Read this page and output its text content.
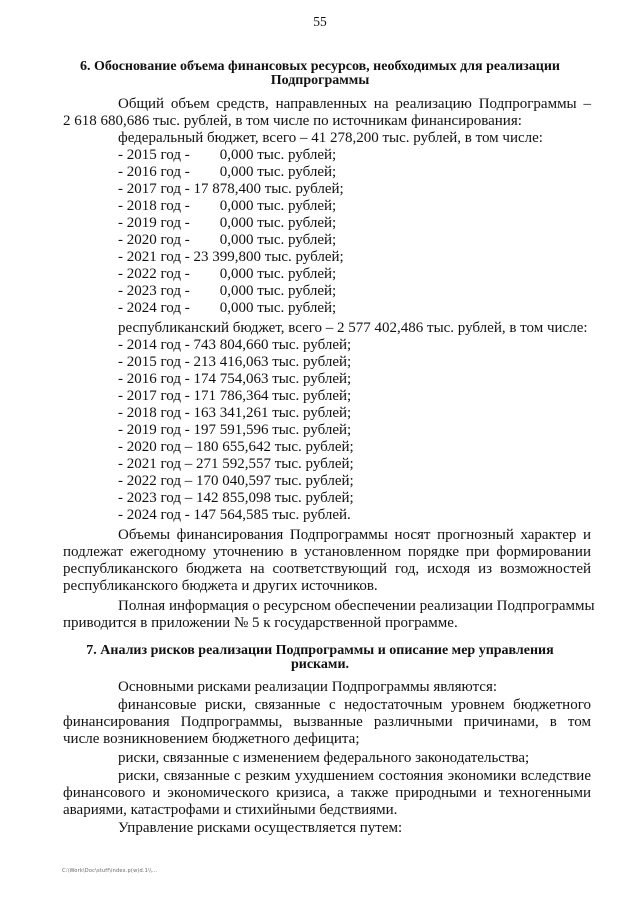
55
6. Обоснование объема финансовых ресурсов, необходимых для реализации
Подпрограммы
Общий объем средств, направленных на реализацию Подпрограммы –
2 618 680,686 тыс. рублей, в том числе по источникам финансирования:
федеральный бюджет, всего – 41 278,200 тыс. рублей, в том числе:
- 2015 год -        0,000 тыс. рублей;
- 2016 год -        0,000 тыс. рублей;
- 2017 год - 17 878,400 тыс. рублей;
- 2018 год -        0,000 тыс. рублей;
- 2019 год -        0,000 тыс. рублей;
- 2020 год -        0,000 тыс. рублей;
- 2021 год - 23 399,800 тыс. рублей;
- 2022 год -        0,000 тыс. рублей;
- 2023 год -        0,000 тыс. рублей;
- 2024 год -        0,000 тыс. рублей;
республиканский бюджет, всего – 2 577 402,486 тыс. рублей, в том числе:
- 2014 год - 743 804,660 тыс. рублей;
- 2015 год - 213 416,063 тыс. рублей;
- 2016 год - 174 754,063 тыс. рублей;
- 2017 год - 171 786,364 тыс. рублей;
- 2018 год - 163 341,261 тыс. рублей;
- 2019 год - 197 591,596 тыс. рублей;
- 2020 год – 180 655,642 тыс. рублей;
- 2021 год – 271 592,557 тыс. рублей;
- 2022 год – 170 040,597 тыс. рублей;
- 2023 год – 142 855,098 тыс. рублей;
- 2024 год - 147 564,585 тыс. рублей.
Объемы финансирования Подпрограммы носят прогнозный характер и
подлежат ежегодному уточнению в установленном порядке при формировании
республиканского бюджета на соответствующий год, исходя из возможностей
республиканского бюджета и других источников.
Полная информация о ресурсном обеспечении реализации Подпрограммы
приводится в приложении № 5 к государственной программе.
7. Анализ рисков реализации Подпрограммы и описание мер управления
рисками.
Основными рисками реализации Подпрограммы являются:
финансовые риски, связанные с недостаточным уровнем бюджетного
финансирования Подпрограммы, вызванные различными причинами, в том
числе возникновением бюджетного дефицита;
риски, связанные с изменением федерального законодательства;
риски, связанные с резким ухудшением состояния экономики вследствие
финансового и экономического кризиса, а также природными и техногенными
авариями, катастрофами и стихийными бедствиями.
Управление рисками осуществляется путем:
C:\Work\Doc\stuff\index.p(w)d.1\\...
